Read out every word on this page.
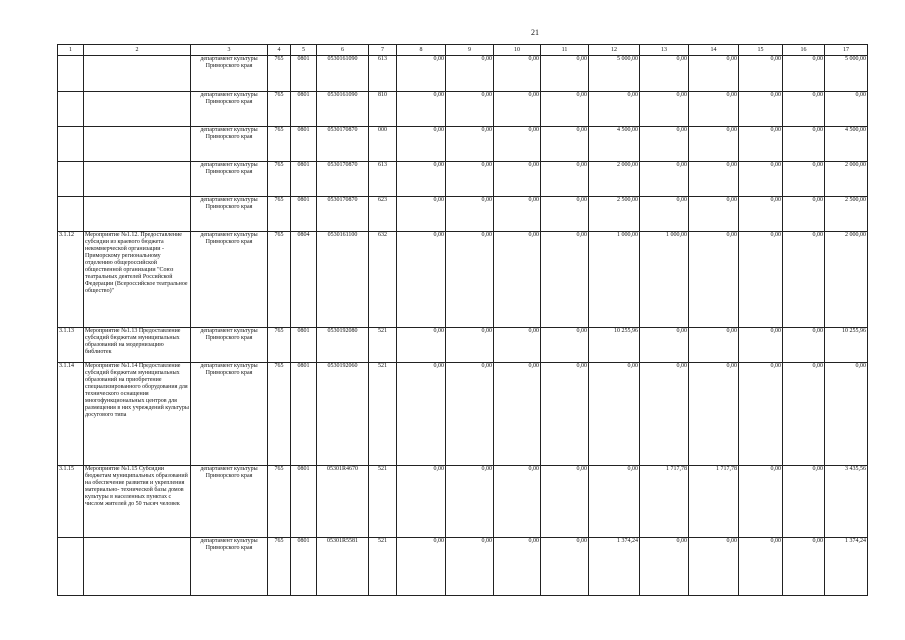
21
1	2	3	4	5	6	7	8	9	10	11	12	13	14	15	16	17
		департамент культуры Приморского края	765	0801	0530161090	613	0,00	0,00	0,00	0,00	5 000,00	0,00	0,00	0,00	0,00	5 000,00
		департамент культуры Приморского края	765	0801	0530161090	810	0,00	0,00	0,00	0,00	0,00	0,00	0,00	0,00	0,00	0,00
		департамент культуры Приморского края	765	0801	0530170870	000	0,00	0,00	0,00	0,00	4 500,00	0,00	0,00	0,00	0,00	4 500,00
		департамент культуры Приморского края	765	0801	0530170870	613	0,00	0,00	0,00	0,00	2 000,00	0,00	0,00	0,00	0,00	2 000,00
		департамент культуры Приморского края	765	0801	0530170870	623	0,00	0,00	0,00	0,00	2 500,00	0,00	0,00	0,00	0,00	2 500,00
3.1.12	Мероприятие №1.12. Предоставление субсидии из краевого бюджета некоммерческой организации - Приморскому региональному отделению общероссийской общественной организации "Союз театральных деятелей Российской Федерации (Всероссийское театральное общество)"	департамент культуры Приморского края	765	0804	0530161100	632	0,00	0,00	0,00	0,00	1 000,00	1 000,00	0,00	0,00	0,00	2 000,00
3.1.13	Мероприятие №1.13 Предоставление субсидий бюджетам муниципальных образований на модернизацию библиотек	департамент культуры Приморского края	765	0801	0530192080	521	0,00	0,00	0,00	0,00	10 255,96	0,00	0,00	0,00	0,00	10 255,96
3.1.14	Мероприятие №1.14 Предоставление субсидий бюджетам муниципальных образований на приобретение специализированного оборудования для технического оснащения многофункциональных центров для размещения в них учреждений культуры досугового типа	департамент культуры Приморского края	765	0801	0530192060	521	0,00	0,00	0,00	0,00	0,00	0,00	0,00	0,00	0,00	0,00
3.1.15	Мероприятие №1.15 Субсидии бюджетам муниципальных образований на обеспечение развития и укрепления материально- технической базы домов культуры в населенных пунктах с числом жителей до 50 тысяч человек	департамент культуры Приморского края	765	0801	05301R4670	521	0,00	0,00	0,00	0,00	0,00	1 717,78	1 717,78	0,00	0,00	3 435,56
		департамент культуры Приморского края	765	0801	05301R5581	521	0,00	0,00	0,00	0,00	1 374,24	0,00	0,00	0,00	0,00	1 374,24
